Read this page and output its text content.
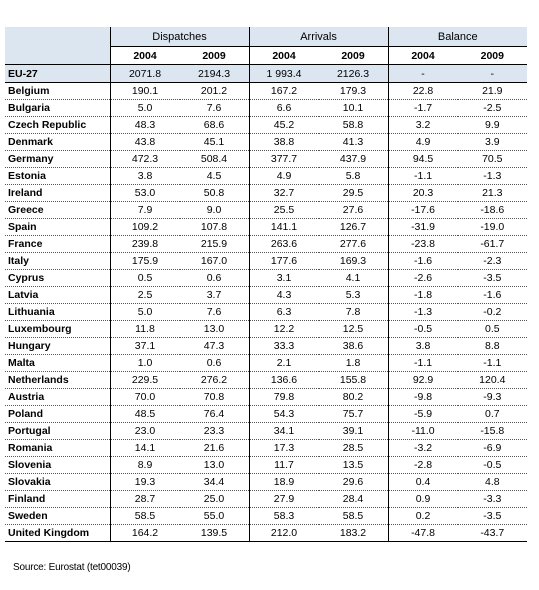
	Dispatches		Arrivals		Balance	
	2004	2009	2004	2009	2004	2009
EU-27	2071.8	2194.3	1 993.4	2126.3	-	-
Belgium	190.1	201.2	167.2	179.3	22.8	21.9
Bulgaria	5.0	7.6	6.6	10.1	-1.7	-2.5
Czech Republic	48.3	68.6	45.2	58.8	3.2	9.9
Denmark	43.8	45.1	38.8	41.3	4.9	3.9
Germany	472.3	508.4	377.7	437.9	94.5	70.5
Estonia	3.8	4.5	4.9	5.8	-1.1	-1.3
Ireland	53.0	50.8	32.7	29.5	20.3	21.3
Greece	7.9	9.0	25.5	27.6	-17.6	-18.6
Spain	109.2	107.8	141.1	126.7	-31.9	-19.0
France	239.8	215.9	263.6	277.6	-23.8	-61.7
Italy	175.9	167.0	177.6	169.3	-1.6	-2.3
Cyprus	0.5	0.6	3.1	4.1	-2.6	-3.5
Latvia	2.5	3.7	4.3	5.3	-1.8	-1.6
Lithuania	5.0	7.6	6.3	7.8	-1.3	-0.2
Luxembourg	11.8	13.0	12.2	12.5	-0.5	0.5
Hungary	37.1	47.3	33.3	38.6	3.8	8.8
Malta	1.0	0.6	2.1	1.8	-1.1	-1.1
Netherlands	229.5	276.2	136.6	155.8	92.9	120.4
Austria	70.0	70.8	79.8	80.2	-9.8	-9.3
Poland	48.5	76.4	54.3	75.7	-5.9	0.7
Portugal	23.0	23.3	34.1	39.1	-11.0	-15.8
Romania	14.1	21.6	17.3	28.5	-3.2	-6.9
Slovenia	8.9	13.0	11.7	13.5	-2.8	-0.5
Slovakia	19.3	34.4	18.9	29.6	0.4	4.8
Finland	28.7	25.0	27.9	28.4	0.9	-3.3
Sweden	58.5	55.0	58.3	58.5	0.2	-3.5
United Kingdom	164.2	139.5	212.0	183.2	-47.8	-43.7
Source: Eurostat (tet00039)
